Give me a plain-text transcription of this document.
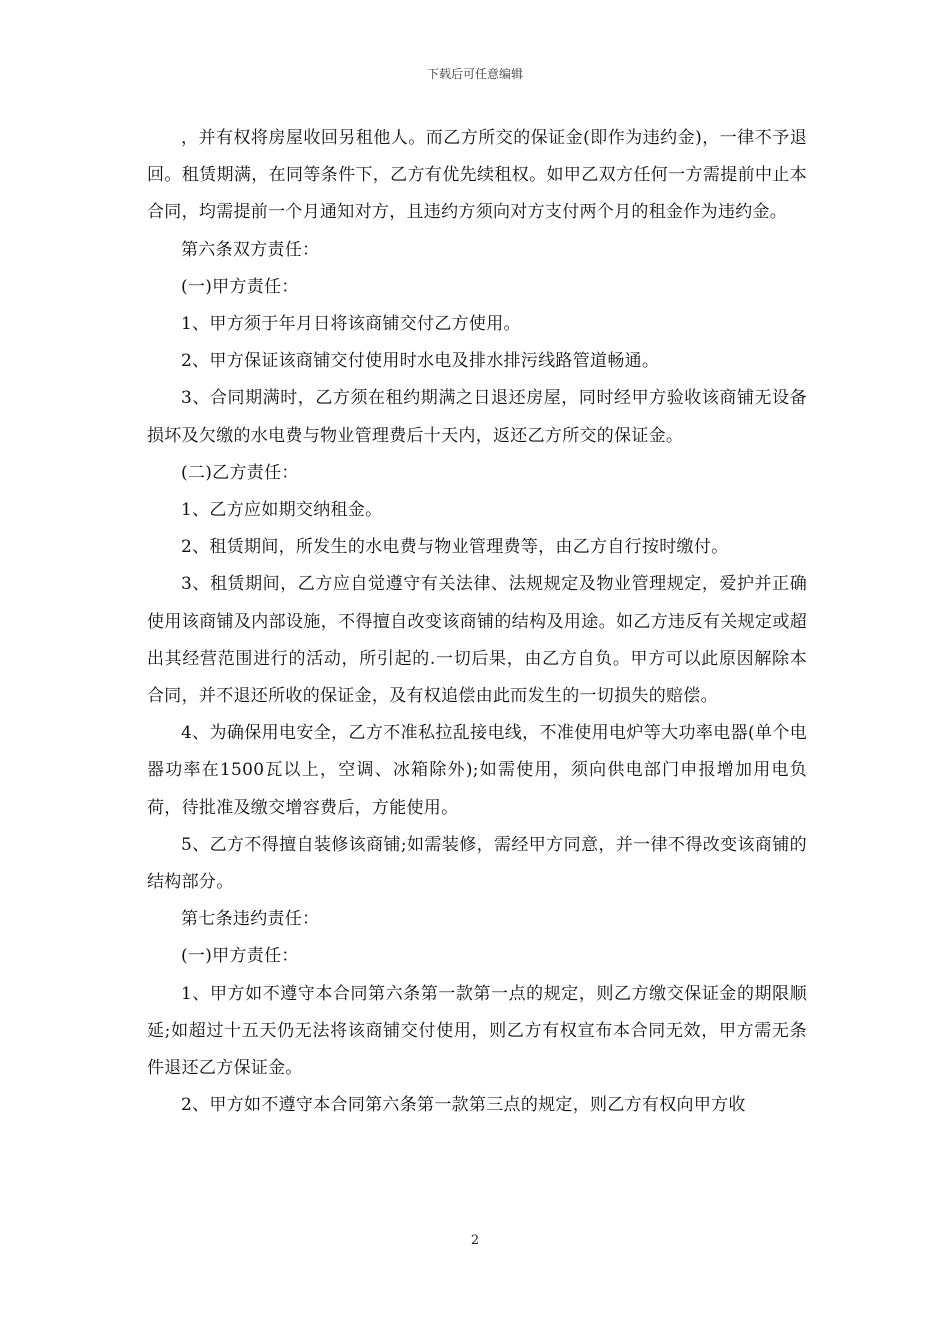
下载后可任意编辑

，并有权将房屋收回另租他人。而乙方所交的保证金(即作为违约金)，一律不予退回。租赁期满，在同等条件下，乙方有优先续租权。如甲乙双方任何一方需提前中止本合同，均需提前一个月通知对方，且违约方须向对方支付两个月的租金作为违约金。

第六条双方责任：

(一)甲方责任：

1、甲方须于年月日将该商铺交付乙方使用。

2、甲方保证该商铺交付使用时水电及排水排污线路管道畅通。

3、合同期满时，乙方须在租约期满之日退还房屋，同时经甲方验收该商铺无设备损坏及欠缴的水电费与物业管理费后十天内，返还乙方所交的保证金。

(二)乙方责任：

1、乙方应如期交纳租金。

2、租赁期间，所发生的水电费与物业管理费等，由乙方自行按时缴付。

3、租赁期间，乙方应自觉遵守有关法律、法规规定及物业管理规定，爱护并正确使用该商铺及内部设施，不得擅自改变该商铺的结构及用途。如乙方违反有关规定或超出其经营范围进行的活动，所引起的.一切后果，由乙方自负。甲方可以此原因解除本合同，并不退还所收的保证金，及有权追偿由此而发生的一切损失的赔偿。

4、为确保用电安全，乙方不准私拉乱接电线，不准使用电炉等大功率电器(单个电器功率在1500瓦以上，空调、冰箱除外);如需使用，须向供电部门申报增加用电负荷，待批准及缴交增容费后，方能使用。

5、乙方不得擅自装修该商铺;如需装修，需经甲方同意，并一律不得改变该商铺的结构部分。

第七条违约责任：

(一)甲方责任：

1、甲方如不遵守本合同第六条第一款第一点的规定，则乙方缴交保证金的期限顺延;如超过十五天仍无法将该商铺交付使用，则乙方有权宣布本合同无效，甲方需无条件退还乙方保证金。

2、甲方如不遵守本合同第六条第一款第三点的规定，则乙方有权向甲方收

2
